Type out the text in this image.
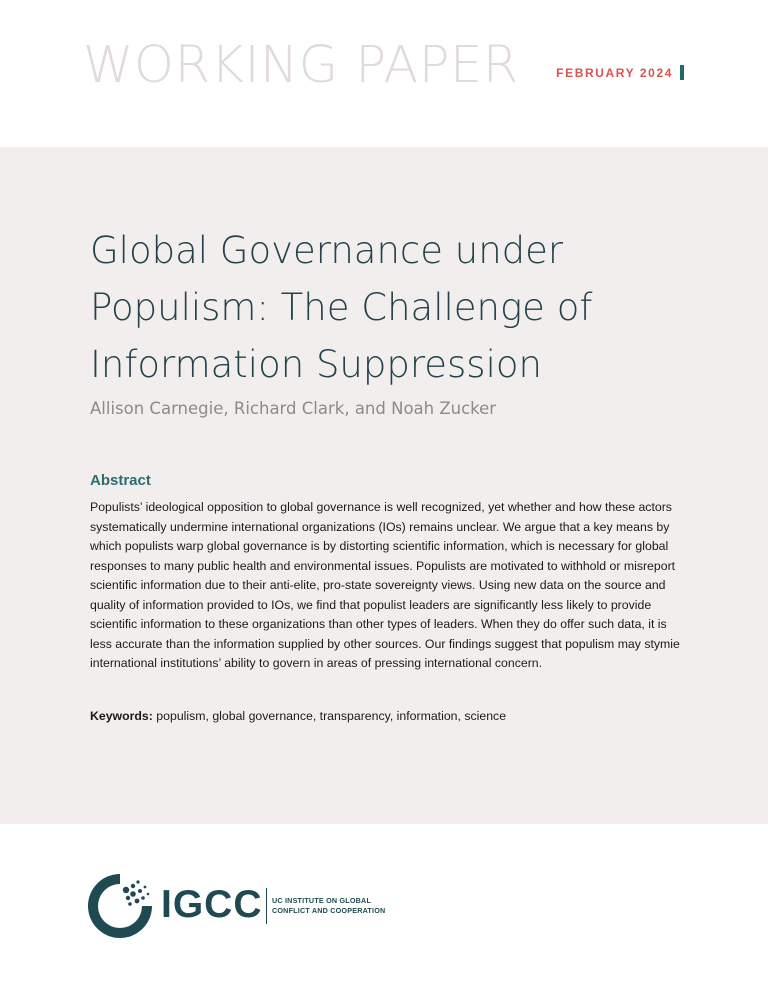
WORKING PAPER	FEBRUARY 2024
Global Governance under Populism: The Challenge of Information Suppression
Allison Carnegie, Richard Clark, and Noah Zucker
Abstract

Populists’ ideological opposition to global governance is well recognized, yet whether and how these actors systematically undermine international organizations (IOs) remains unclear. We argue that a key means by which populists warp global governance is by distorting scientific information, which is necessary for global responses to many public health and environmental issues. Populists are motivated to withhold or misreport scientific information due to their anti-elite, pro-state sovereignty views. Using new data on the source and quality of information provided to IOs, we find that populist leaders are significantly less likely to provide scientific information to these organizations than other types of leaders. When they do offer such data, it is less accurate than the information supplied by other sources. Our findings suggest that populism may stymie international institutions’ ability to govern in areas of pressing international concern.

Keywords: populism, global governance, transparency, information, science
IGCC UC INSTITUTE ON GLOBAL
CONFLICT AND COOPERATION
